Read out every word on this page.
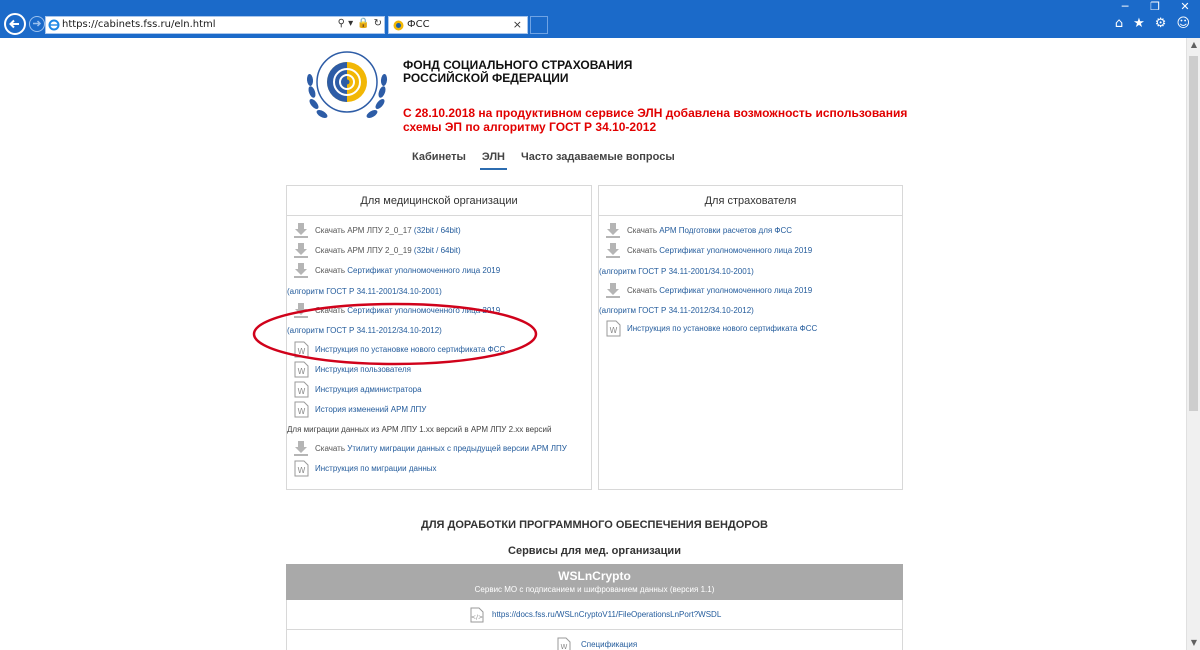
─	❐	✕
https://cabinets.fss.ru/eln.html	⚲ ▾ 🔒 ↻	ФСС	×	⌂ ★ ⚙ ☺
▲
▼
ФОНД СОЦИАЛЬНОГО СТРАХОВАНИЯ
РОССИЙСКОЙ ФЕДЕРАЦИИ
С 28.10.2018 на продуктивном сервисе ЭЛН добавлена возможность использования схемы ЭП по алгоритму ГОСТ Р 34.10-2012
Кабинеты ЭЛН Часто задаваемые вопросы
Для медицинской организации
Скачать АРМ ЛПУ 2_0_17 (32bit / 64bit)
Скачать АРМ ЛПУ 2_0_19 (32bit / 64bit)
Скачать Сертификат уполномоченного лица 2019
(алгоритм ГОСТ Р 34.11-2001/34.10-2001)
Скачать Сертификат уполномоченного лица 2019
(алгоритм ГОСТ Р 34.11-2012/34.10-2012)
W Инструкция по установке нового сертификата ФСС
W Инструкция пользователя
W Инструкция администратора
W История изменений АРМ ЛПУ
Для миграции данных из АРМ ЛПУ 1.xx версий в АРМ ЛПУ 2.xx версий
Скачать Утилиту миграции данных с предыдущей версии АРМ ЛПУ
W Инструкция по миграции данных
Для страхователя
Скачать АРМ Подготовки расчетов для ФСС
Скачать Сертификат уполномоченного лица 2019
(алгоритм ГОСТ Р 34.11-2001/34.10-2001)
Скачать Сертификат уполномоченного лица 2019
(алгоритм ГОСТ Р 34.11-2012/34.10-2012)
W Инструкция по установке нового сертификата ФСС
ДЛЯ ДОРАБОТКИ ПРОГРАММНОГО ОБЕСПЕЧЕНИЯ ВЕНДОРОВ
Сервисы для мед. организации
WSLnCrypto
Сервис МО с подписанием и шифрованием данных (версия 1.1)
</> https://docs.fss.ru/WSLnCryptoV11/FileOperationsLnPort?WSDL
W Спецификация
